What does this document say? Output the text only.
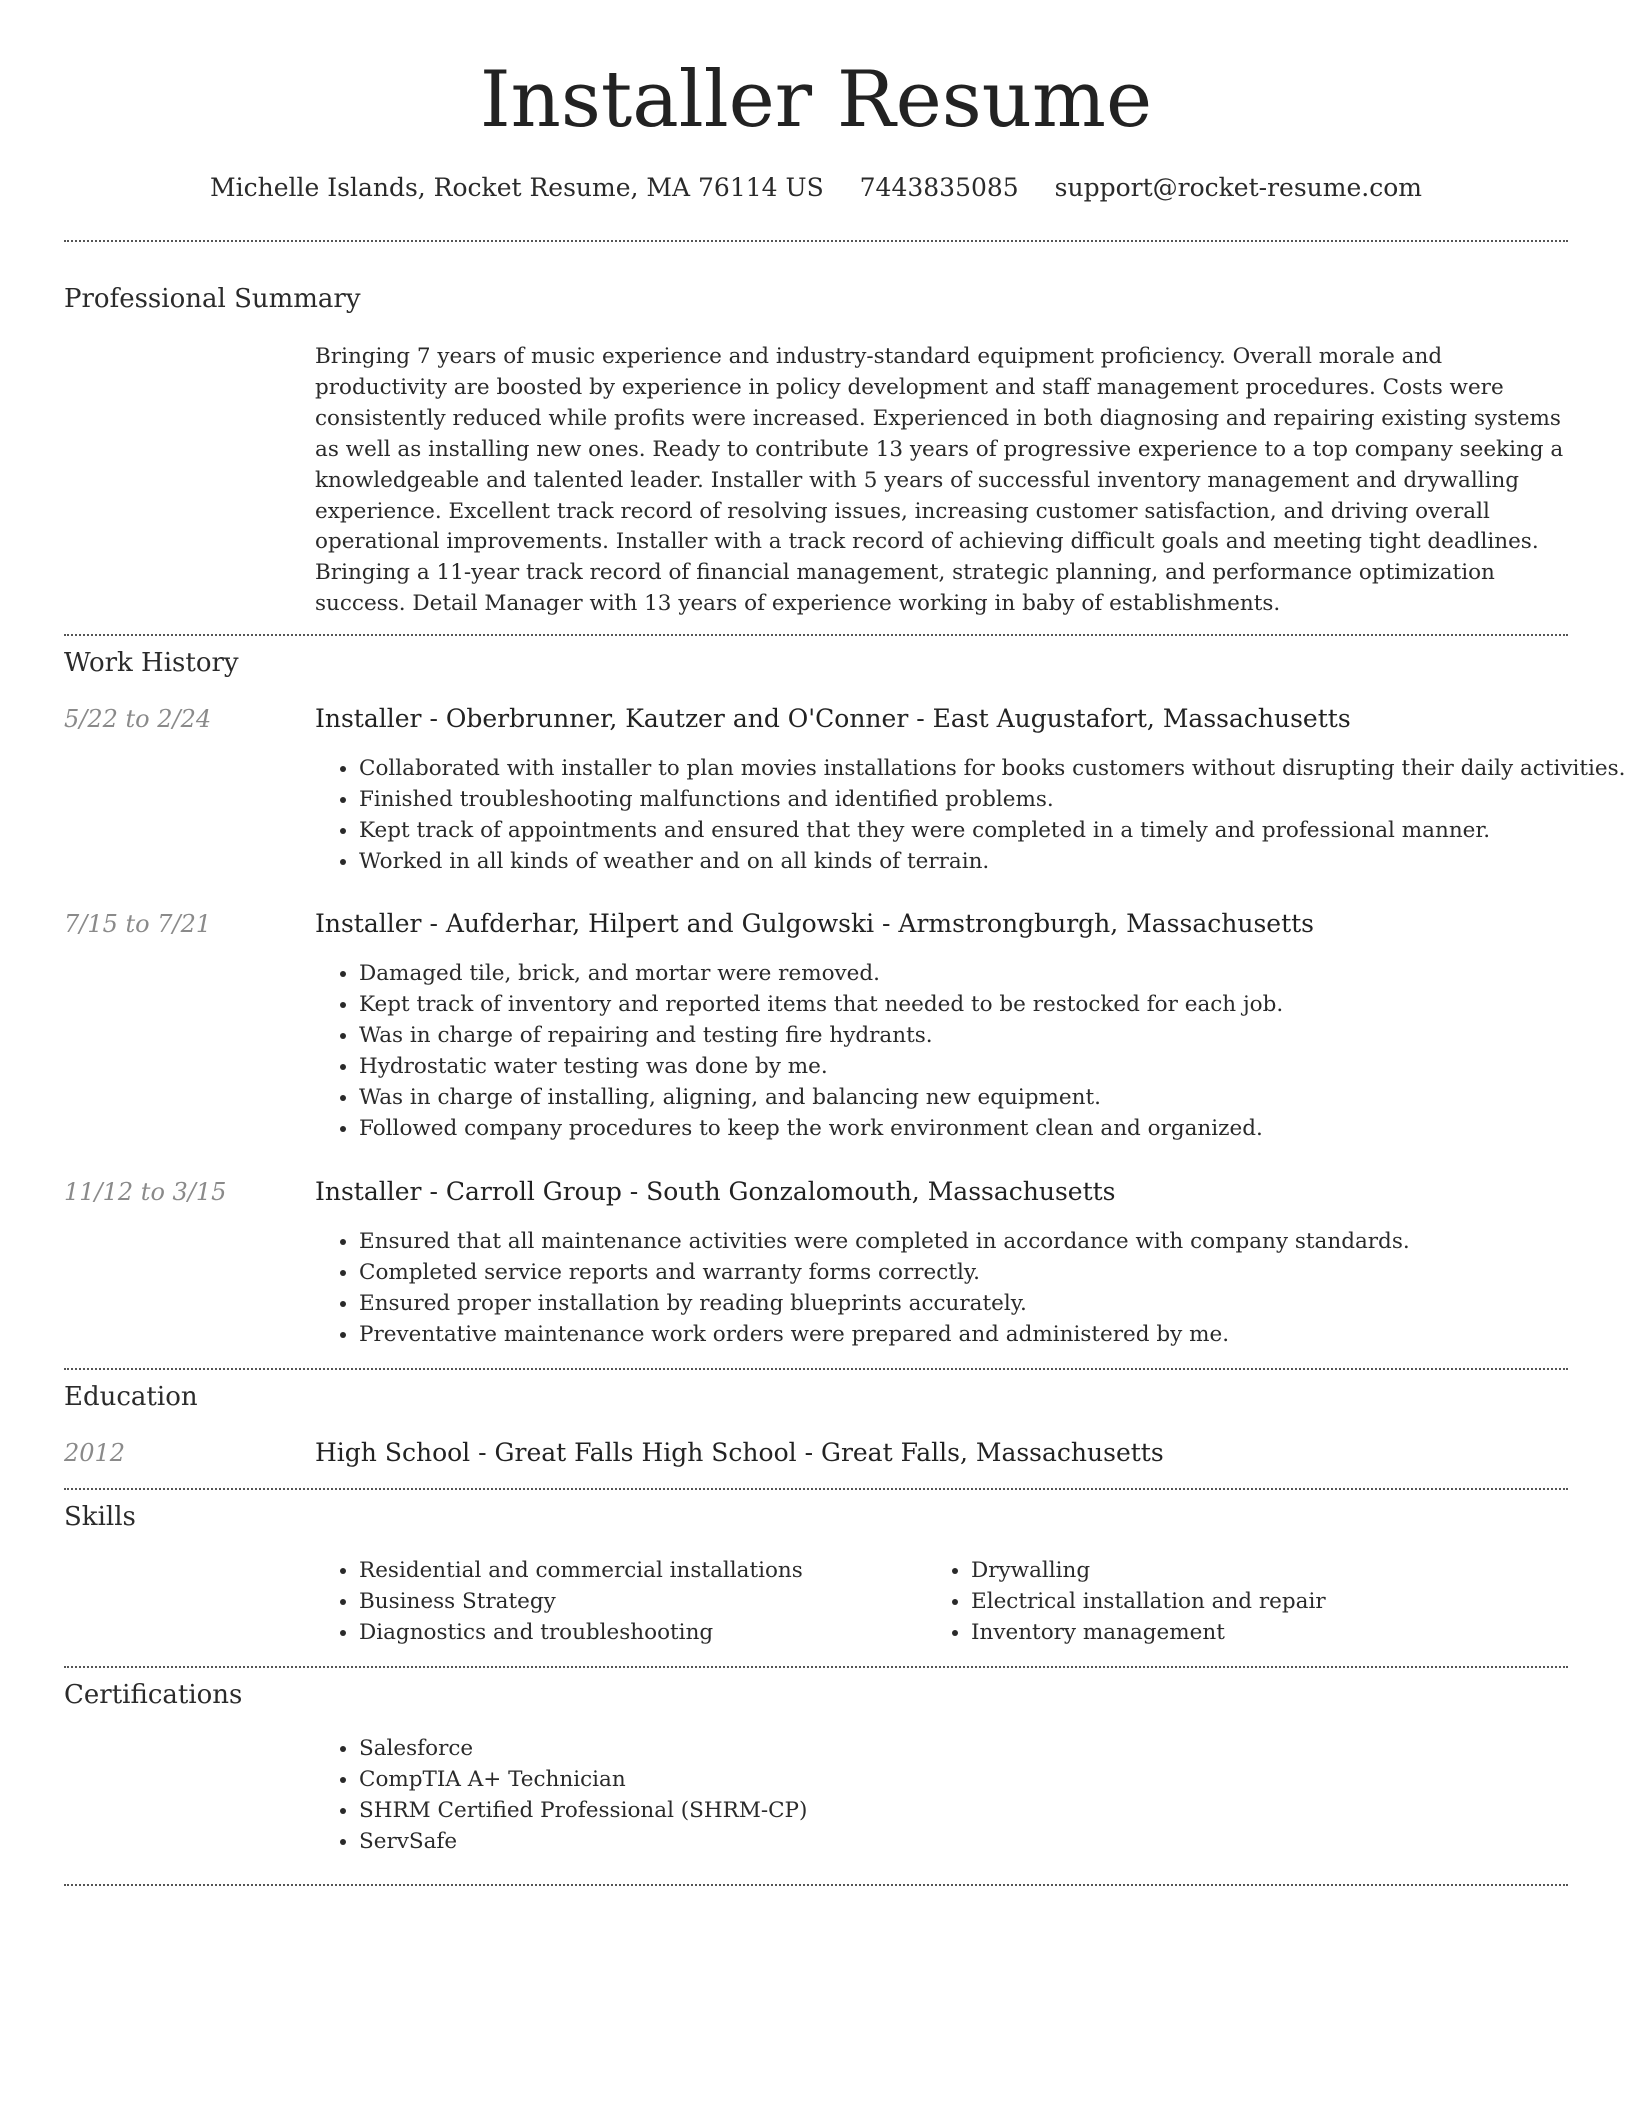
Installer Resume
Michelle Islands, Rocket Resume, MA 76114 US 7443835085 support@rocket-resume.com
Professional Summary
Bringing 7 years of music experience and industry-standard equipment proficiency. Overall morale and productivity are boosted by experience in policy development and staff management procedures. Costs were consistently reduced while profits were increased. Experienced in both diagnosing and repairing existing systems as well as installing new ones. Ready to contribute 13 years of progressive experience to a top company seeking a knowledgeable and talented leader. Installer with 5 years of successful inventory management and drywalling experience. Excellent track record of resolving issues, increasing customer satisfaction, and driving overall operational improvements. Installer with a track record of achieving difficult goals and meeting tight deadlines. Bringing a 11-year track record of financial management, strategic planning, and performance optimization success. Detail Manager with 13 years of experience working in baby of establishments.
Work History
5/22 to 2/24	Installer - Oberbrunner, Kautzer and O'Conner - East Augustafort, Massachusetts
• Collaborated with installer to plan movies installations for books customers without disrupting their daily activities.
• Finished troubleshooting malfunctions and identified problems.
• Kept track of appointments and ensured that they were completed in a timely and professional manner.
• Worked in all kinds of weather and on all kinds of terrain.
7/15 to 7/21	Installer - Aufderhar, Hilpert and Gulgowski - Armstrongburgh, Massachusetts
• Damaged tile, brick, and mortar were removed.
• Kept track of inventory and reported items that needed to be restocked for each job.
• Was in charge of repairing and testing fire hydrants.
• Hydrostatic water testing was done by me.
• Was in charge of installing, aligning, and balancing new equipment.
• Followed company procedures to keep the work environment clean and organized.
11/12 to 3/15	Installer - Carroll Group - South Gonzalomouth, Massachusetts
• Ensured that all maintenance activities were completed in accordance with company standards.
• Completed service reports and warranty forms correctly.
• Ensured proper installation by reading blueprints accurately.
• Preventative maintenance work orders were prepared and administered by me.
Education
2012	High School - Great Falls High School - Great Falls, Massachusetts
Skills
• Residential and commercial installations
• Business Strategy
• Diagnostics and troubleshooting
• Drywalling
• Electrical installation and repair
• Inventory management
Certifications
• Salesforce
• CompTIA A+ Technician
• SHRM Certified Professional (SHRM-CP)
• ServSafe
